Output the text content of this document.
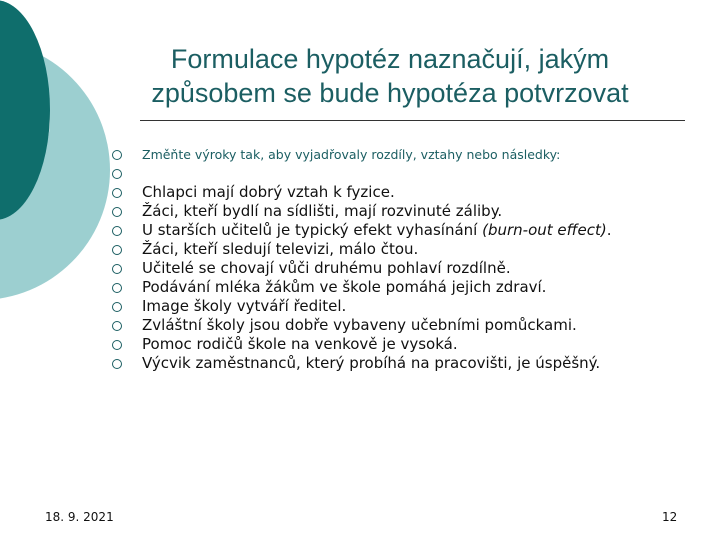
Formulace hypotéz naznačují, jakým
způsobem se bude hypotéza potvrzovat
Změňte výroky tak, aby vyjadřovaly rozdíly, vztahy nebo následky:
Chlapci mají dobrý vztah k fyzice.
Žáci, kteří bydlí na sídlišti, mají rozvinuté záliby.
U starších učitelů je typický efekt vyhasínání (burn-out effect).
Žáci, kteří sledují televizi, málo čtou.
Učitelé se chovají vůči druhému pohlaví rozdílně.
Podávání mléka žákům ve škole pomáhá jejich zdraví.
Image školy vytváří ředitel.
Zvláštní školy jsou dobře vybaveny učebními pomůckami.
Pomoc rodičů škole na venkově je vysoká.
Výcvik zaměstnanců, který probíhá na pracovišti, je úspěšný.
18. 9. 2021	12
